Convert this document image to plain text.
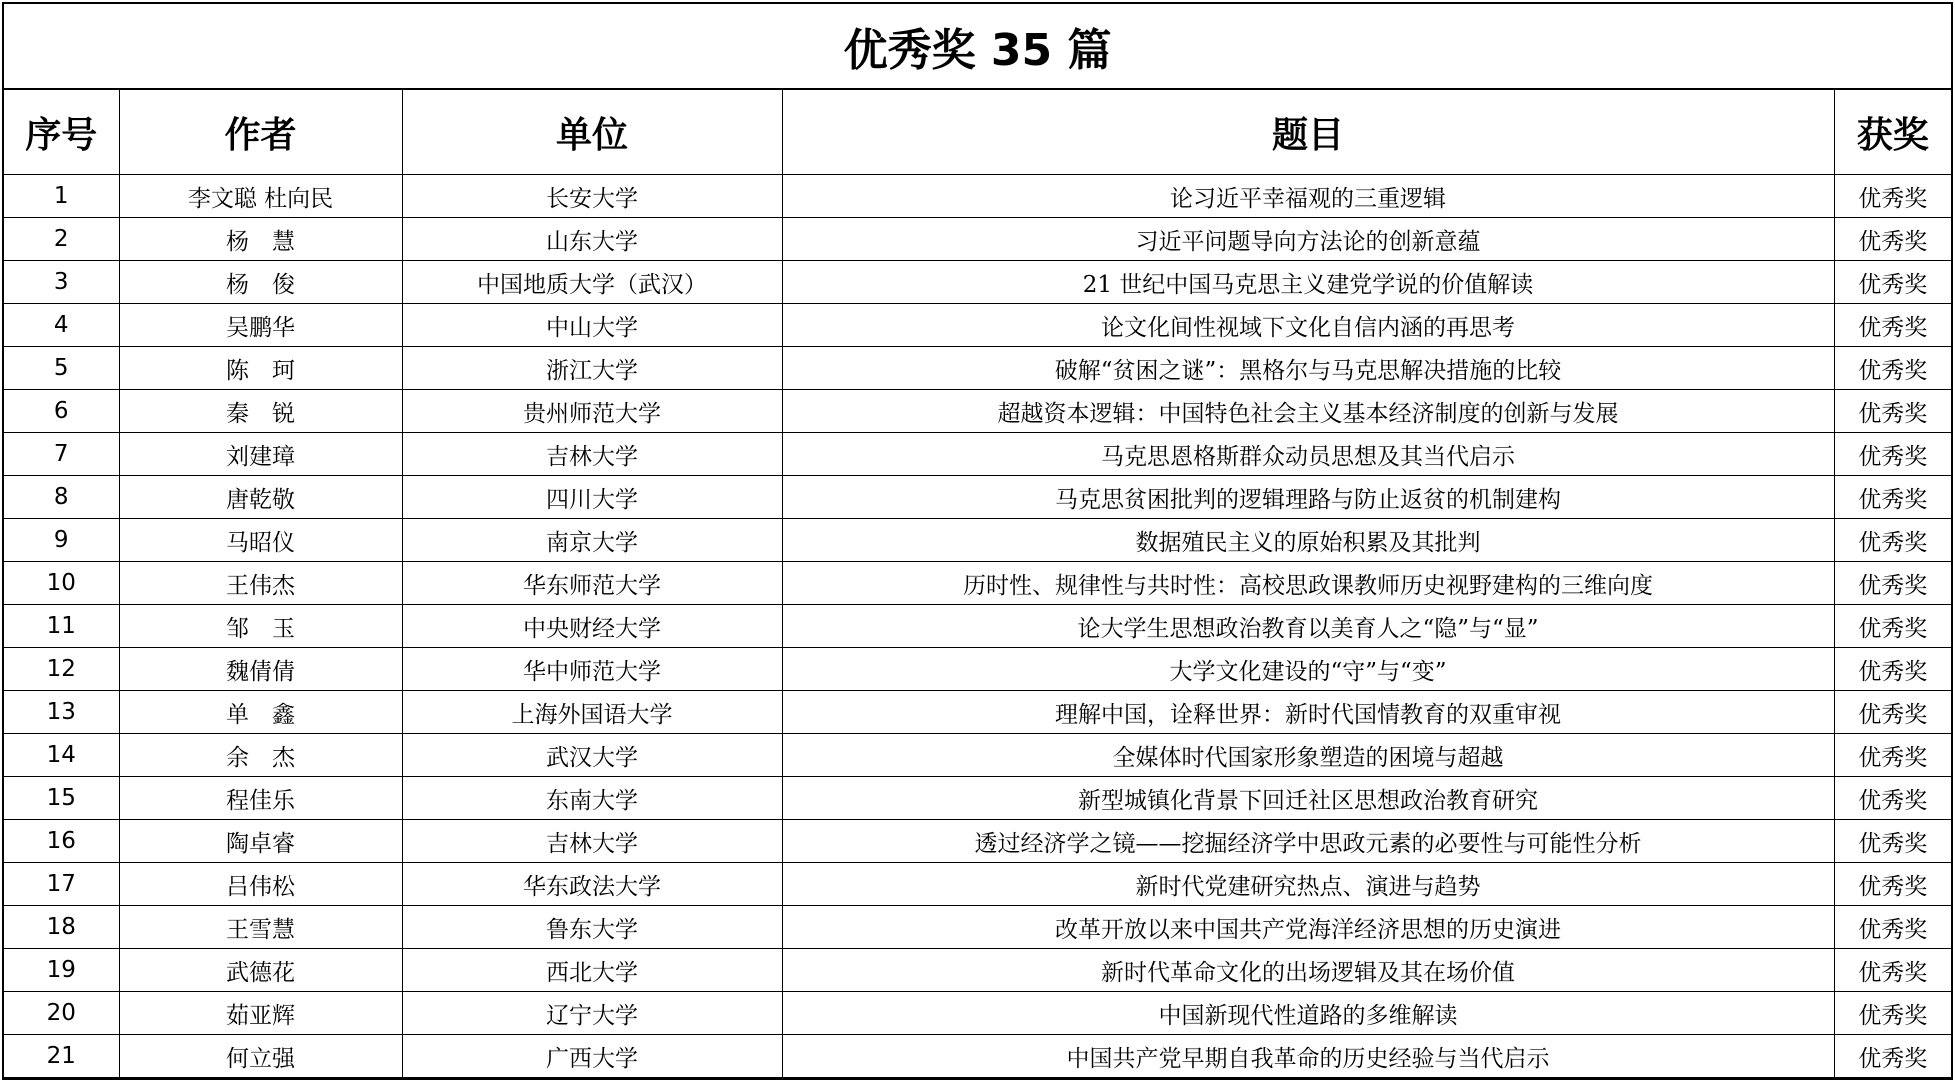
优秀奖 35 篇				
序号	作者	单位	题目	获奖
1	李文聪 杜向民	长安大学	论习近平幸福观的三重逻辑	优秀奖
2	杨　慧	山东大学	习近平问题导向方法论的创新意蕴	优秀奖
3	杨　俊	中国地质大学（武汉）	21 世纪中国马克思主义建党学说的价值解读	优秀奖
4	吴鹏华	中山大学	论文化间性视域下文化自信内涵的再思考	优秀奖
5	陈　珂	浙江大学	破解“贫困之谜”：黑格尔与马克思解决措施的比较	优秀奖
6	秦　锐	贵州师范大学	超越资本逻辑：中国特色社会主义基本经济制度的创新与发展	优秀奖
7	刘建璋	吉林大学	马克思恩格斯群众动员思想及其当代启示	优秀奖
8	唐乾敬	四川大学	马克思贫困批判的逻辑理路与防止返贫的机制建构	优秀奖
9	马昭仪	南京大学	数据殖民主义的原始积累及其批判	优秀奖
10	王伟杰	华东师范大学	历时性、规律性与共时性：高校思政课教师历史视野建构的三维向度	优秀奖
11	邹　玉	中央财经大学	论大学生思想政治教育以美育人之“隐”与“显”	优秀奖
12	魏倩倩	华中师范大学	大学文化建设的“守”与“变”	优秀奖
13	单　鑫	上海外国语大学	理解中国，诠释世界：新时代国情教育的双重审视	优秀奖
14	余　杰	武汉大学	全媒体时代国家形象塑造的困境与超越	优秀奖
15	程佳乐	东南大学	新型城镇化背景下回迁社区思想政治教育研究	优秀奖
16	陶卓睿	吉林大学	透过经济学之镜——挖掘经济学中思政元素的必要性与可能性分析	优秀奖
17	吕伟松	华东政法大学	新时代党建研究热点、演进与趋势	优秀奖
18	王雪慧	鲁东大学	改革开放以来中国共产党海洋经济思想的历史演进	优秀奖
19	武德花	西北大学	新时代革命文化的出场逻辑及其在场价值	优秀奖
20	茹亚辉	辽宁大学	中国新现代性道路的多维解读	优秀奖
21	何立强	广西大学	中国共产党早期自我革命的历史经验与当代启示	优秀奖
